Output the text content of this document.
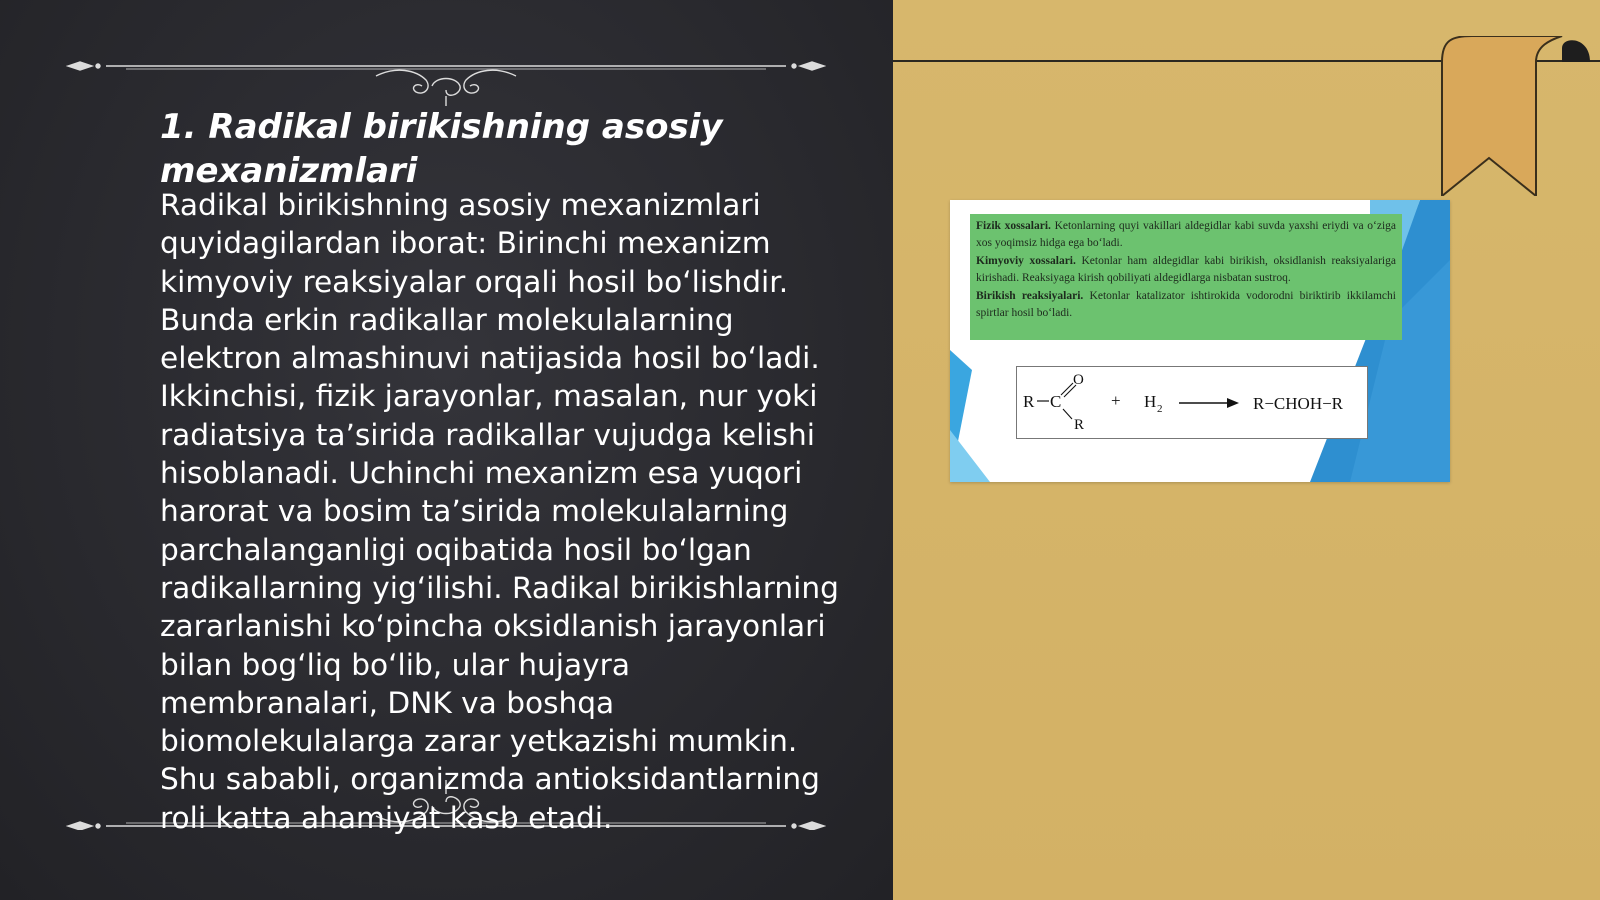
1. Radikal birikishning asosiy mexanizmlari

Radikal birikishning asosiy mexanizmlari quyidagilardan iborat: Birinchi mexanizm kimyoviy reaksiyalar orqali hosil bo‘lishdir. Bunda erkin radikallar molekulalarning elektron almashinuvi natijasida hosil bo‘ladi. Ikkinchisi, fizik jarayonlar, masalan, nur yoki radiatsiya ta’sirida radikallar vujudga kelishi hisoblanadi. Uchinchi mexanizm esa yuqori harorat va bosim ta’sirida molekulalarning parchalanganligi oqibatida hosil bo‘lgan radikallarning yig‘ilishi. Radikal birikishlarning zararlanishi ko‘pincha oksidlanish jarayonlari bilan bog‘liq bo‘lib, ular hujayra membranalari, DNK va boshqa biomolekulalarga zarar yetkazishi mumkin. Shu sababli, organizmda antioksidantlarning roli katta ahamiyat kasb etadi.

Fizik xossalari. Ketonlarning quyi vakillari aldegidlar kabi suvda yaxshi eriydi va o‘ziga xos yoqimsiz hidga ega bo‘ladi.

Kimyoviy xossalari. Ketonlar ham aldegidlar kabi birikish, oksidlanish reaksiyalariga kirishadi. Reaksiyaga kirish qobiliyati aldegidlarga nisbatan sustroq.

Birikish reaksiyalari. Ketonlar katalizator ishtirokida vodorodni biriktirib ikkilamchi spirtlar hosil bo‘ladi.

R C
O
R
+ H 2	R−CHOH−R
